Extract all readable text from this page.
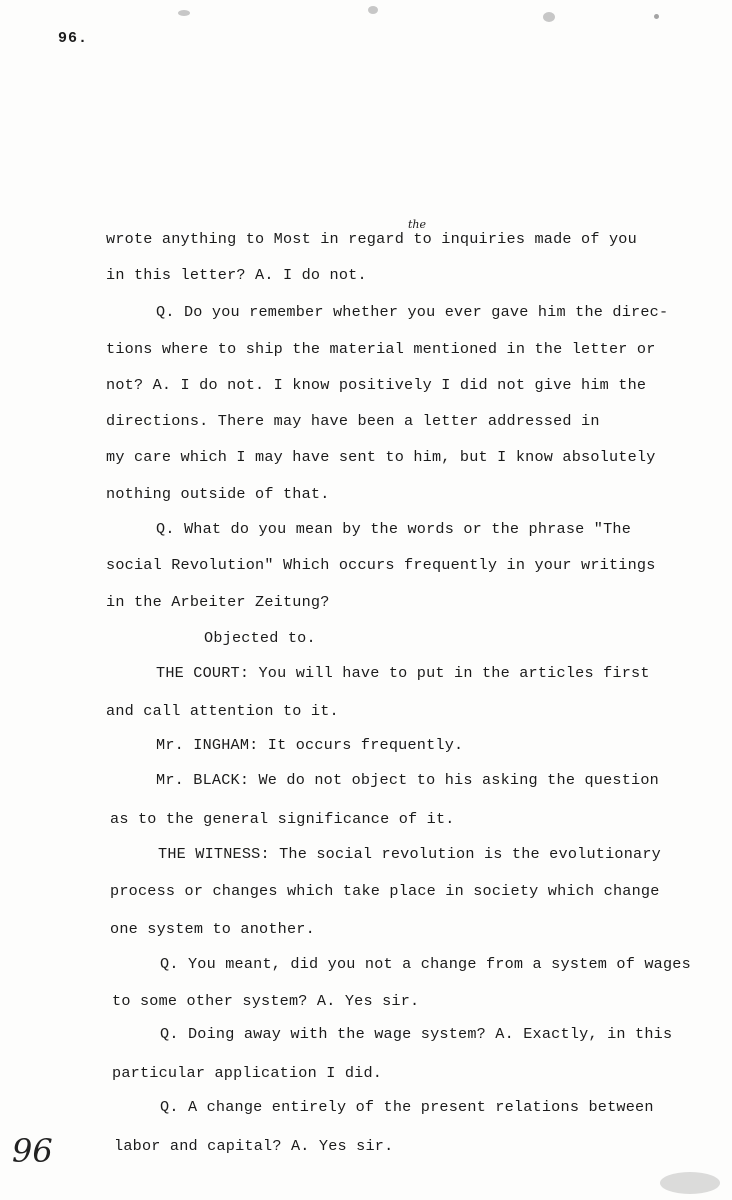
96.
the
wrote anything to Most in regard to inquiries made of you
in this letter? A. I do not.
Q. Do you remember whether you ever gave him the direc-
tions where to ship the material mentioned in the letter or
not? A. I do not. I know positively I did not give him the
directions. There may have been a letter addressed in
my care which I may have sent to him, but I know absolutely
nothing outside of that.
Q. What do you mean by the words or the phrase "The
social Revolution" Which occurs frequently in your writings
in the Arbeiter Zeitung?
Objected to.
THE COURT: You will have to put in the articles first
and call attention to it.
Mr. INGHAM: It occurs frequently.
Mr. BLACK: We do not object to his asking the question
as to the general significance of it.
THE WITNESS: The social revolution is the evolutionary
process or changes which take place in society which change
one system to another.
Q. You meant, did you not a change from a system of wages
to some other system? A. Yes sir.
Q. Doing away with the wage system? A. Exactly, in this
particular application I did.
Q. A change entirely of the present relations between
labor and capital? A. Yes sir.
96
